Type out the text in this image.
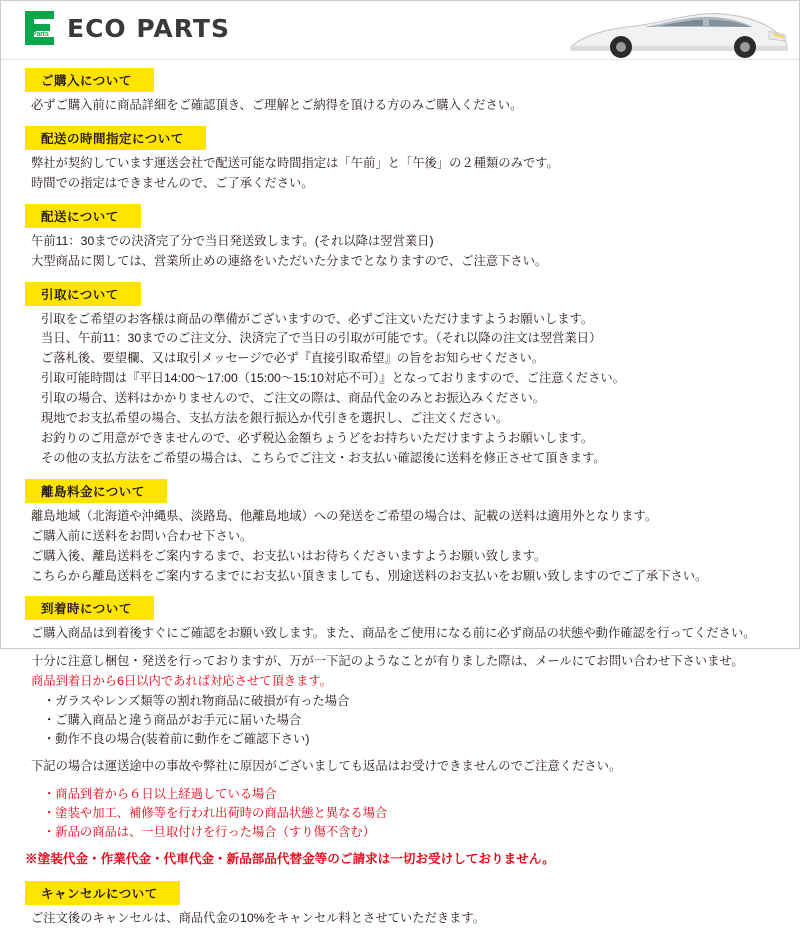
Parts ECO PARTS
ご購入について

必ずご購入前に商品詳細をご確認頂き、ご理解とご納得を頂ける方のみご購入ください。

配送の時間指定について

弊社が契約しています運送会社で配送可能な時間指定は「午前」と「午後」の２種類のみです。

時間での指定はできませんので、ご了承ください。

配送について

午前11：30までの決済完了分で当日発送致します。(それ以降は翌営業日)

大型商品に関しては、営業所止めの連絡をいただいた分までとなりますので、ご注意下さい。

引取について

引取をご希望のお客様は商品の準備がございますので、必ずご注文いただけますようお願いします。

当日、午前11：30までのご注文分、決済完了で当日の引取が可能です。（それ以降の注文は翌営業日）

ご落札後、要望欄、又は取引メッセージで必ず『直接引取希望』の旨をお知らせください。

引取可能時間は『平日14:00～17:00（15:00～15:10対応不可）』となっておりますので、ご注意ください。

引取の場合、送料はかかりませんので、ご注文の際は、商品代金のみとお振込みください。

現地でお支払希望の場合、支払方法を銀行振込か代引きを選択し、ご注文ください。

お釣りのご用意ができませんので、必ず税込金額ちょうどをお持ちいただけますようお願いします。

その他の支払方法をご希望の場合は、こちらでご注文・お支払い確認後に送料を修正させて頂きます。

離島料金について

離島地域（北海道や沖縄県、淡路島、他離島地域）への発送をご希望の場合は、記載の送料は適用外となります。

ご購入前に送料をお問い合わせ下さい。

ご購入後、離島送料をご案内するまで、お支払いはお待ちくださいますようお願い致します。

こちらから離島送料をご案内するまでにお支払い頂きましても、別途送料のお支払いをお願い致しますのでご了承下さい。

到着時について

ご購入商品は到着後すぐにご確認をお願い致します。また、商品をご使用になる前に必ず商品の状態や動作確認を行ってください。

十分に注意し梱包・発送を行っておりますが、万が一下記のようなことが有りました際は、メールにてお問い合わせ下さいませ。

商品到着日から6日以内であれば対応させて頂きます。

・ガラスやレンズ類等の割れ物商品に破損が有った場合

・ご購入商品と違う商品がお手元に届いた場合

・動作不良の場合(装着前に動作をご確認下さい)

下記の場合は運送途中の事故や弊社に原因がございましても返品はお受けできませんのでご注意ください。

・商品到着から６日以上経過している場合

・塗装や加工、補修等を行われ出荷時の商品状態と異なる場合

・新品の商品は、一旦取付けを行った場合（すり傷不含む）

※塗装代金・作業代金・代車代金・新品部品代替金等のご請求は一切お受けしておりません。
キャンセルについて

ご注文後のキャンセルは、商品代金の10%をキャンセル料とさせていただきます。
